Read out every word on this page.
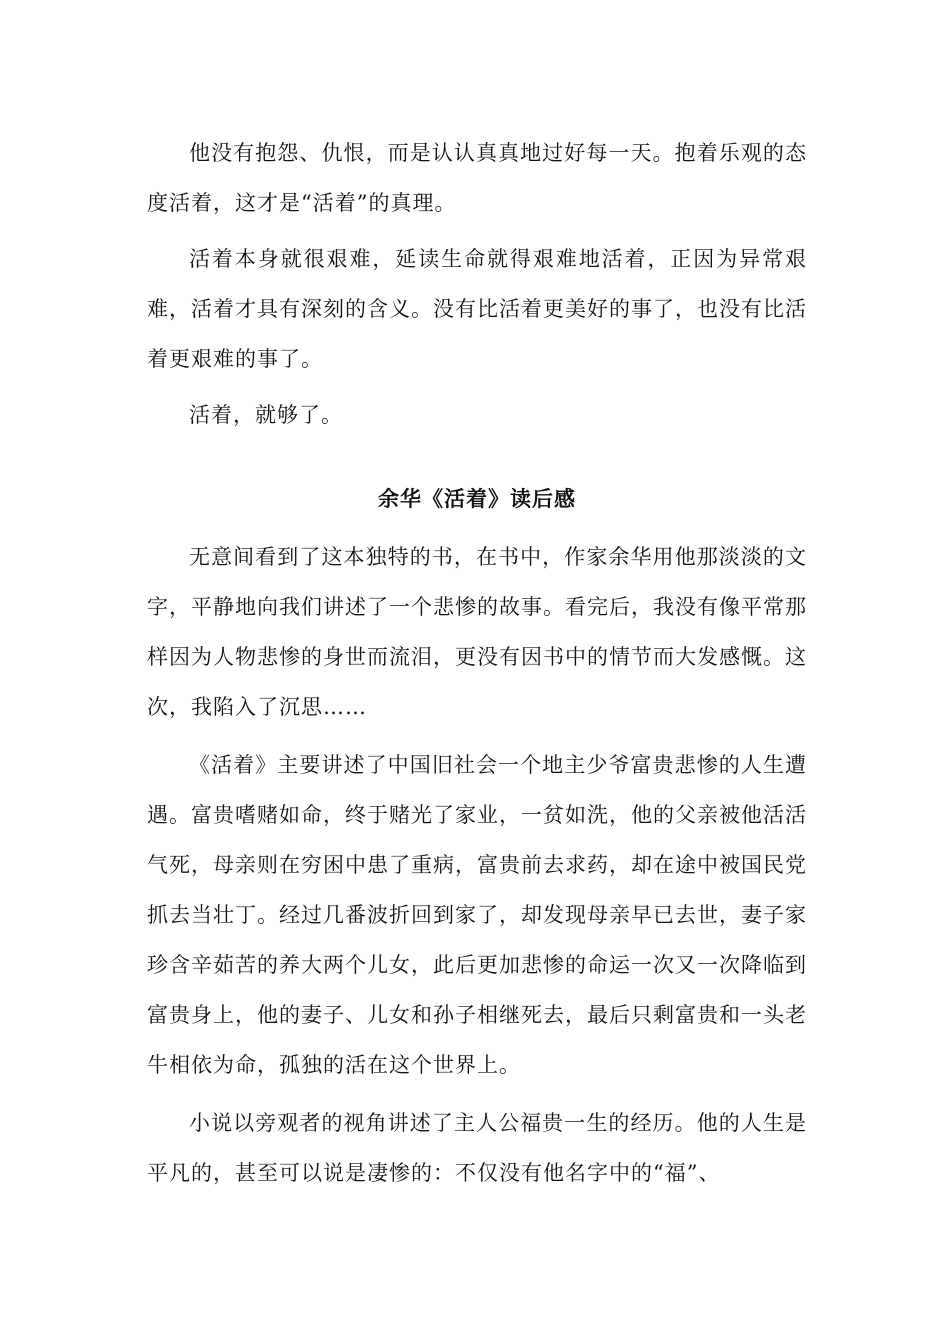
他没有抱怨、仇恨，而是认认真真地过好每一天。抱着乐观的态度活着，这才是“活着”的真理。

活着本身就很艰难，延读生命就得艰难地活着，正因为异常艰难，活着才具有深刻的含义。没有比活着更美好的事了，也没有比活着更艰难的事了。

活着，就够了。

余华《活着》读后感

无意间看到了这本独特的书，在书中，作家余华用他那淡淡的文字，平静地向我们讲述了一个悲惨的故事。看完后，我没有像平常那样因为人物悲惨的身世而流泪，更没有因书中的情节而大发感慨。这次，我陷入了沉思……

《活着》主要讲述了中国旧社会一个地主少爷富贵悲惨的人生遭遇。富贵嗜赌如命，终于赌光了家业，一贫如洗，他的父亲被他活活气死，母亲则在穷困中患了重病，富贵前去求药，却在途中被国民党抓去当壮丁。经过几番波折回到家了，却发现母亲早已去世，妻子家珍含辛茹苦的养大两个儿女，此后更加悲惨的命运一次又一次降临到富贵身上，他的妻子、儿女和孙子相继死去，最后只剩富贵和一头老牛相依为命，孤独的活在这个世界上。

小说以旁观者的视角讲述了主人公福贵一生的经历。他的人生是平凡的，甚至可以说是凄惨的：不仅没有他名字中的“福”、
